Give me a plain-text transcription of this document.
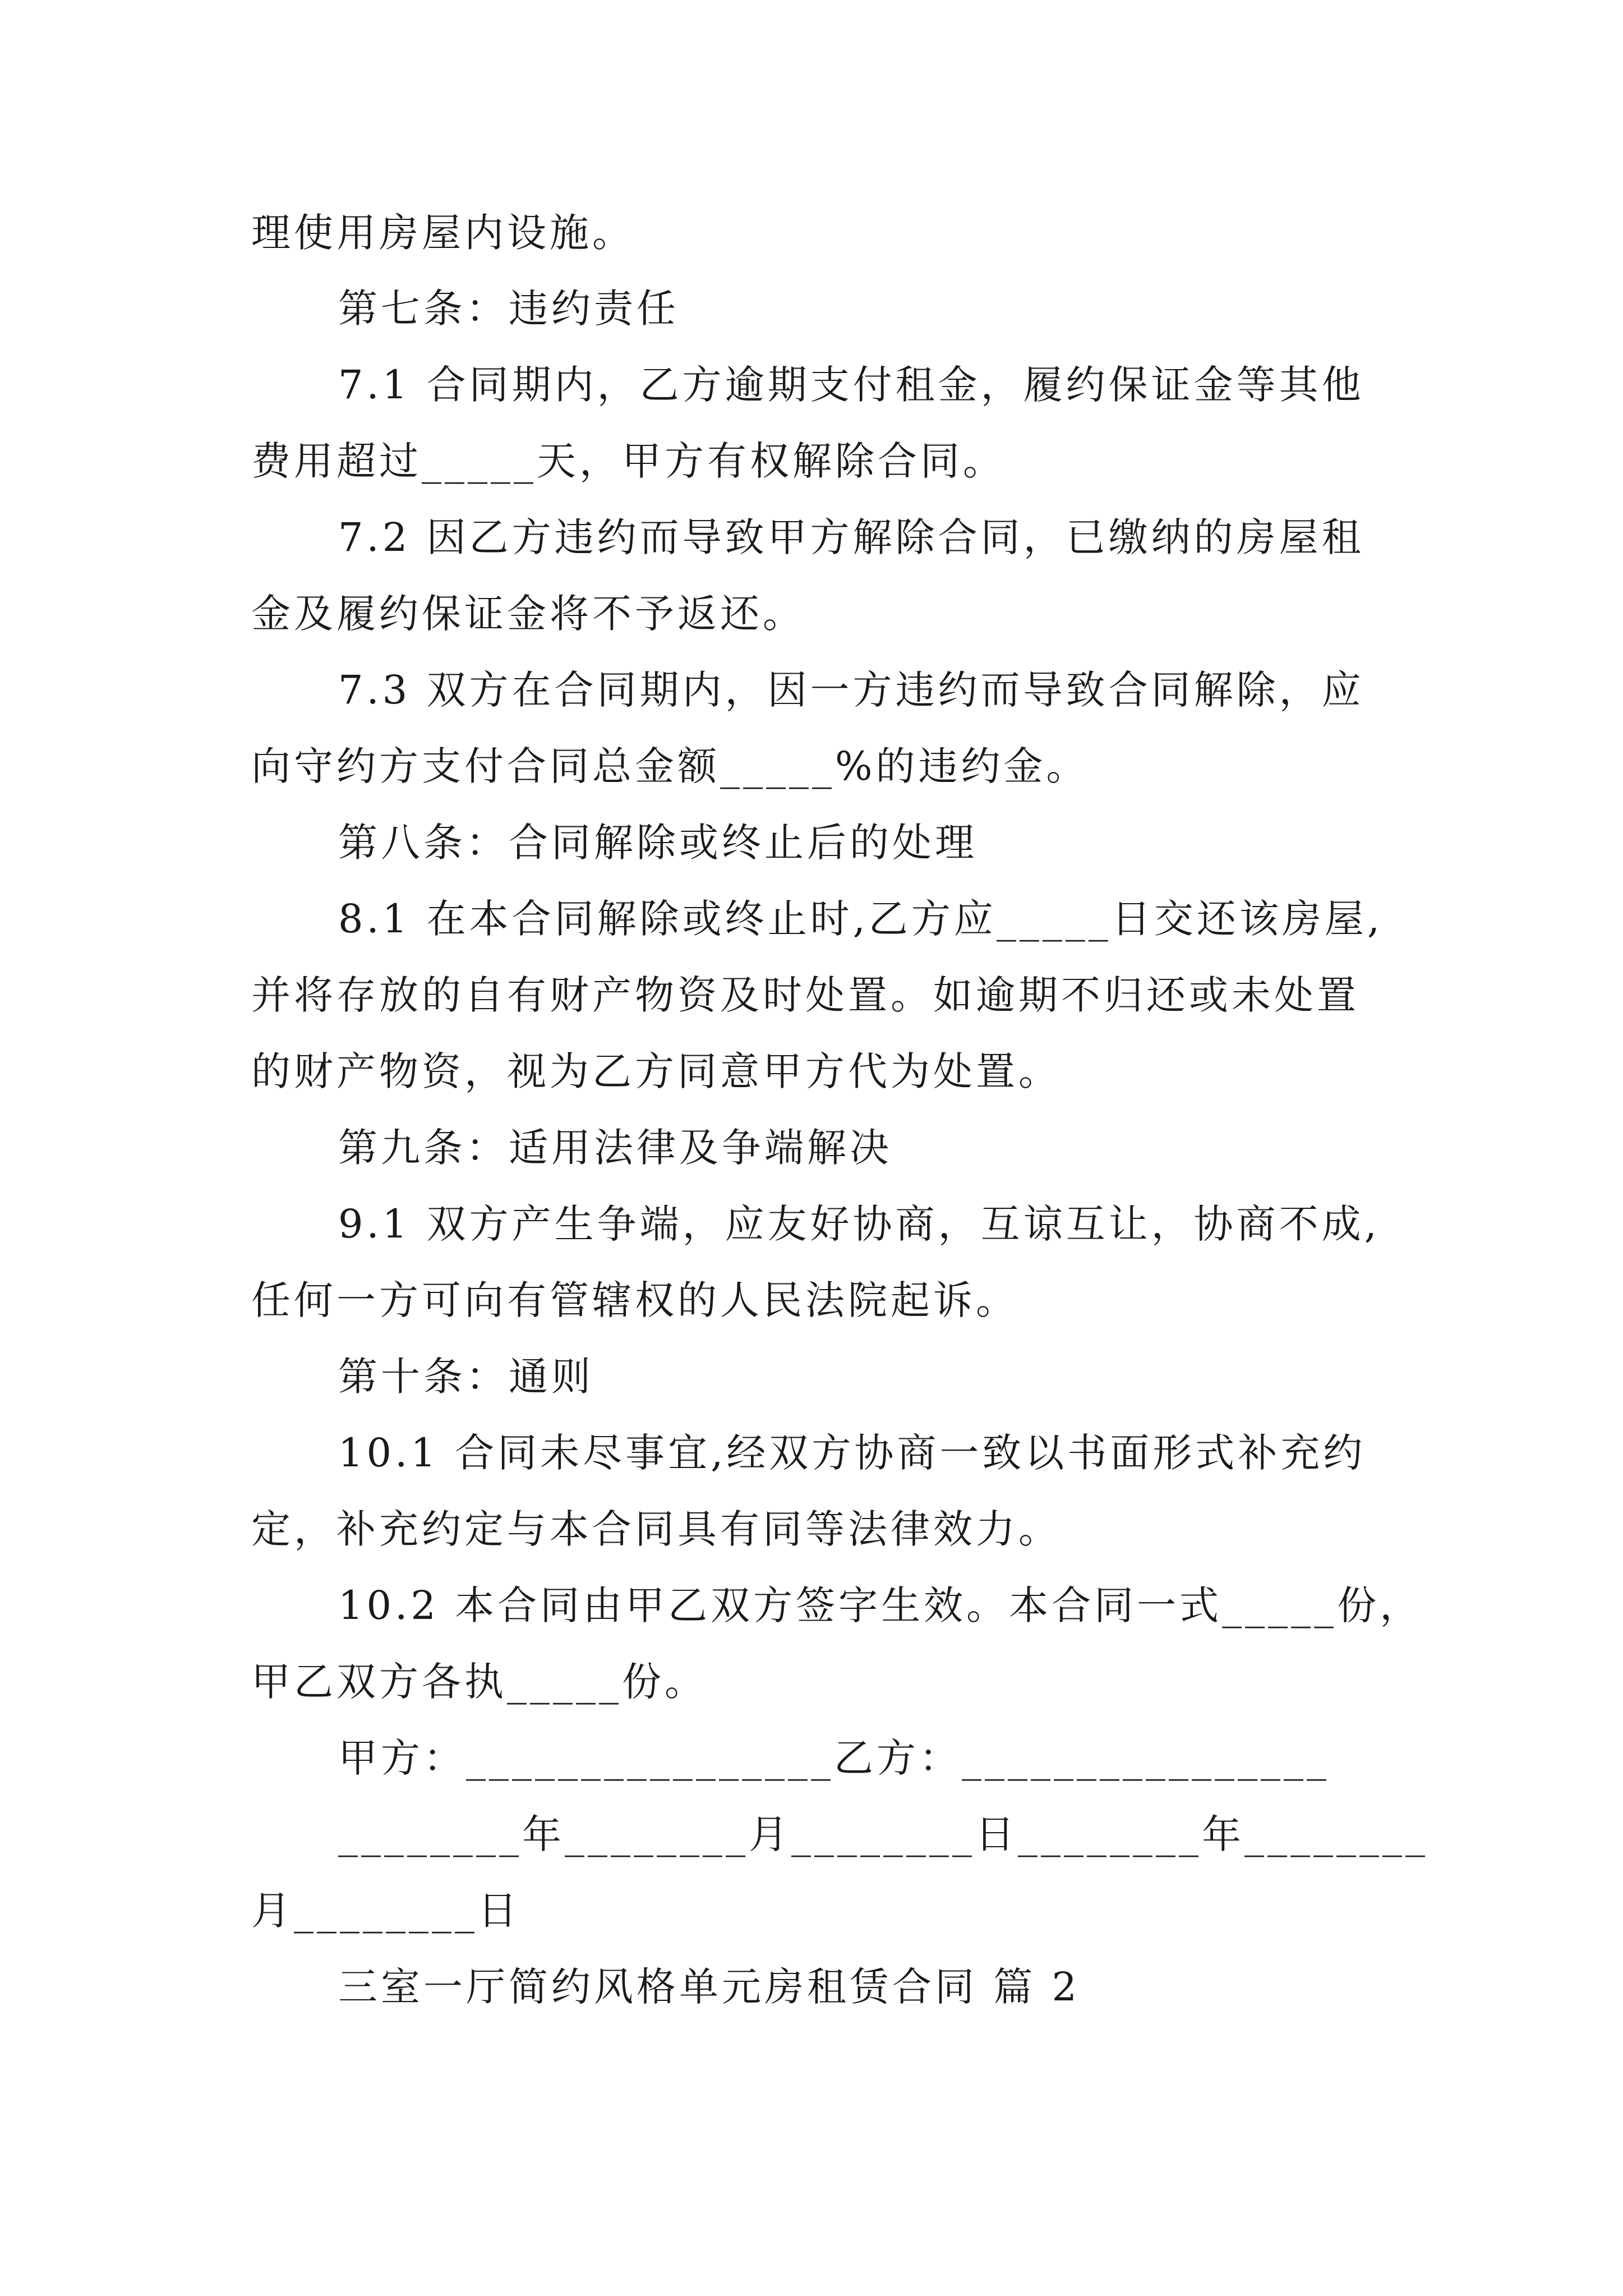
理使用房屋内设施。
第七条：违约责任
7.1 合同期内，乙方逾期支付租金，履约保证金等其他
费用超过_____天，甲方有权解除合同。
7.2 因乙方违约而导致甲方解除合同，已缴纳的房屋租
金及履约保证金将不予返还。
7.3 双方在合同期内，因一方违约而导致合同解除，应
向守约方支付合同总金额_____%的违约金。
第八条：合同解除或终止后的处理
8.1 在本合同解除或终止时,乙方应_____日交还该房屋,
并将存放的自有财产物资及时处置。如逾期不归还或未处置
的财产物资，视为乙方同意甲方代为处置。
第九条：适用法律及争端解决
9.1 双方产生争端，应友好协商，互谅互让，协商不成,
任何一方可向有管辖权的人民法院起诉。
第十条：通则
10.1 合同未尽事宜,经双方协商一致以书面形式补充约
定，补充约定与本合同具有同等法律效力。
10.2 本合同由甲乙双方签字生效。本合同一式_____份，
甲乙双方各执_____份。
甲方：________________乙方：________________
________年________月________日________年________
月________日
三室一厅简约风格单元房租赁合同 篇 2
